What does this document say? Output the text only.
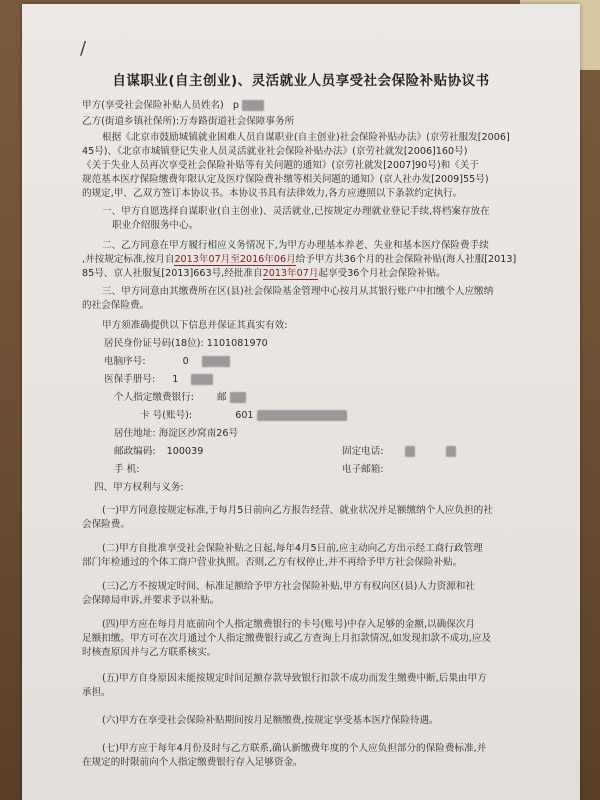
/
自谋职业(自主创业)、灵活就业人员享受社会保险补贴协议书
甲方(享受社会保险补贴人员姓名) p
乙方(街道乡镇社保所):万寿路街道社会保障事务所
根据《北京市鼓励城镇就业困难人员自谋职业(自主创业)社会保险补贴办法》(京劳社服发[2006]
45号)、《北京市城镇登记失业人员灵活就业社会保险补贴办法》(京劳社就发[2006]160号)
《关于失业人员再次享受社会保险补贴等有关问题的通知》(京劳社就发[2007]90号)和《关于
规范基本医疗保险缴费年限认定及医疗保险费补缴等相关问题的通知》(京人社办发[2009]55号)
的规定,甲、乙双方签订本协议书。本协议书具有法律效力,各方应遵照以下条款约定执行。
一、甲方自愿选择自谋职业(自主创业)、灵活就业,已按规定办理就业登记手续,将档案存放在
职业介绍服务中心。
二、乙方同意在甲方履行相应义务情况下,为甲方办理基本养老、失业和基本医疗保险费手续
,并按规定标准,按月自2013年07月至2016年06月给予甲方共36个月的社会保险补贴(海人社服[2013]
85号、京人社服复[2013]663号,经批准自2013年07月起享受36个月社会保险补贴。
三、甲方同意由其缴费所在区(县)社会保险基金管理中心按月从其银行账户中扣缴个人应缴纳
的社会保险费。
甲方须准确提供以下信息并保证其真实有效:
居民身份证号码(18位): 1101081970
电脑序号:	0
医保手册号: 1
个人指定缴费银行: 邮
卡 号(账号):	601
居住地址: 海淀区沙窝南26号
邮政编码: 100039	固定电话:
手 机:	电子邮箱:
四、甲方权利与义务:
(一)甲方同意按规定标准,于每月5日前向乙方报告经营、就业状况并足额缴纳个人应负担的社
会保险费。
(二)甲方自批准享受社会保险补贴之日起,每年4月5日前,应主动向乙方出示经工商行政管理
部门年检通过的个体工商户营业执照。否则,乙方有权停止,并不再给予甲方社会保险补贴。
(三)乙方不按规定时间、标准足额给予甲方社会保险补贴,甲方有权向区(县)人力资源和社
会保障局申诉,并要求予以补贴。
(四)甲方应在每月月底前向个人指定缴费银行的卡号(账号)中存入足够的金额,以确保次月
足额扣缴。甲方可在次月通过个人指定缴费银行或乙方查询上月扣款情况,如发现扣款不成功,应及
时核查原因并与乙方联系核实。
(五)甲方自身原因未能按规定时间足额存款导致银行扣款不成功而发生缴费中断,后果由甲方
承担。
(六)甲方在享受社会保险补贴期间按月足额缴费,按规定享受基本医疗保险待遇。
(七)甲方应于每年4月份及时与乙方联系,确认新缴费年度的个人应负担部分的保险费标准,并
在规定的时限前向个人指定缴费银行存入足够资金。
